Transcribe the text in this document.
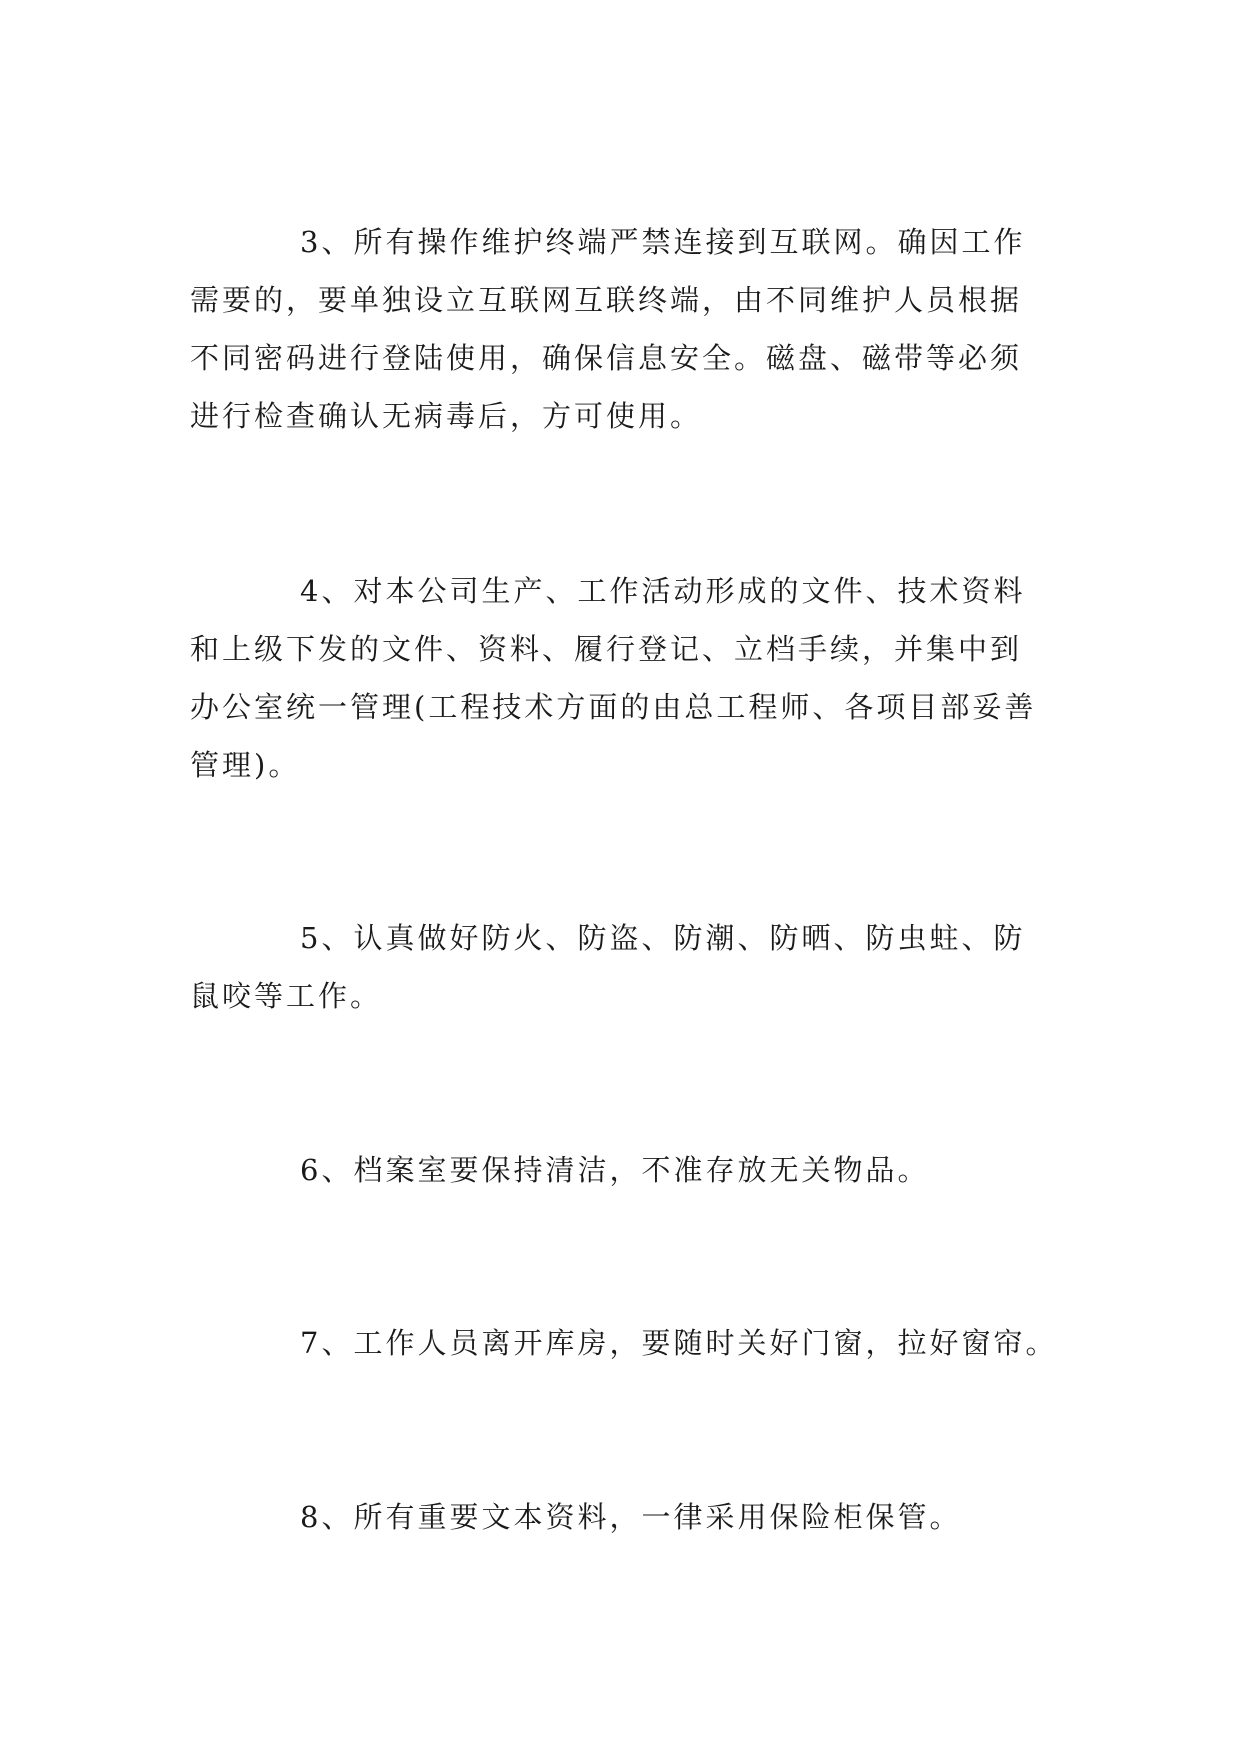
3、所有操作维护终端严禁连接到互联网。确因工作需要的，要单独设立互联网互联终端，由不同维护人员根据不同密码进行登陆使用，确保信息安全。磁盘、磁带等必须进行检查确认无病毒后，方可使用。

4、对本公司生产、工作活动形成的文件、技术资料和上级下发的文件、资料、履行登记、立档手续，并集中到办公室统一管理(工程技术方面的由总工程师、各项目部妥善管理)。

5、认真做好防火、防盗、防潮、防晒、防虫蛀、防鼠咬等工作。

6、档案室要保持清洁，不准存放无关物品。

7、工作人员离开库房，要随时关好门窗，拉好窗帘。

8、所有重要文本资料，一律采用保险柜保管。
